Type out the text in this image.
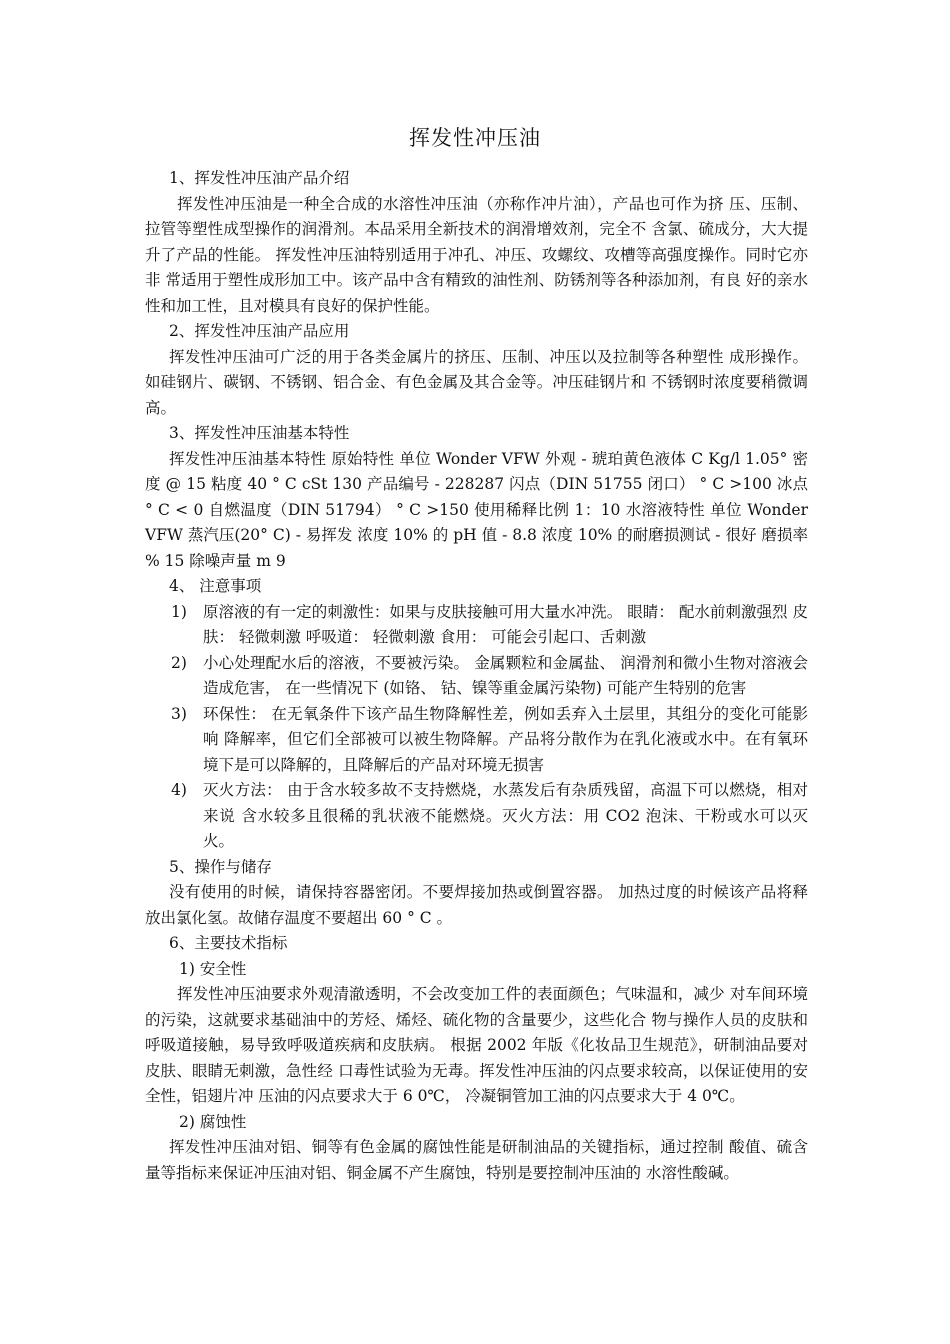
挥发性冲压油

1、挥发性冲压油产品介绍

挥发性冲压油是一种全合成的水溶性冲压油（亦称作冲片油），产品也可作为挤 压、压制、拉管等塑性成型操作的润滑剂。本品采用全新技术的润滑增效剂，完全不 含氯、硫成分，大大提升了产品的性能。 挥发性冲压油特别适用于冲孔、冲压、攻螺纹、攻槽等高强度操作。同时它亦非 常适用于塑性成形加工中。该产品中含有精致的油性剂、防锈剂等各种添加剂，有良 好的亲水性和加工性，且对模具有良好的保护性能。

2、挥发性冲压油产品应用

挥发性冲压油可广泛的用于各类金属片的挤压、压制、冲压以及拉制等各种塑性 成形操作。如硅钢片、碳钢、不锈钢、铝合金、有色金属及其合金等。冲压硅钢片和 不锈钢时浓度要稍微调高。

3、挥发性冲压油基本特性

挥发性冲压油基本特性 原始特性 单位 Wonder VFW 外观 - 琥珀黄色液体 C Kg/l 1.05° 密度 @ 15 粘度 40 ° C cSt 130 产品编号 - 228287 闪点（DIN 51755 闭口） ° C >100 冰点 ° C < 0 自燃温度（DIN 51794） ° C >150 使用稀释比例 1：10 水溶液特性 单位 Wonder VFW 蒸汽压(20° C) - 易挥发 浓度 10% 的 pH 值 - 8.8 浓度 10% 的耐磨损测试 - 很好 磨损率 % 15 除噪声量 m 9

4、 注意事项

1)	原溶液的有一定的刺激性：如果与皮肤接触可用大量水冲洗。 眼睛： 配水前刺激强烈 皮肤： 轻微刺激 呼吸道： 轻微刺激 食用： 可能会引起口、舌刺激
2)	小心处理配水后的溶液，不要被污染。 金属颗粒和金属盐、 润滑剂和微小生物对溶液会造成危害， 在一些情况下 (如铬、 钴、镍等重金属污染物) 可能产生特别的危害
3)	环保性： 在无氧条件下该产品生物降解性差，例如丢弃入土层里，其组分的变化可能影响 降解率，但它们全部被可以被生物降解。产品将分散作为在乳化液或水中。在有氧环 境下是可以降解的，且降解后的产品对环境无损害
4)	灭火方法： 由于含水较多故不支持燃烧，水蒸发后有杂质残留，高温下可以燃烧，相对来说 含水较多且很稀的乳状液不能燃烧。灭火方法：用 CO2 泡沫、干粉或水可以灭火。

5、操作与储存

没有使用的时候，请保持容器密闭。不要焊接加热或倒置容器。 加热过度的时候该产品将释放出氯化氢。故储存温度不要超出 60 ° C 。

6、主要技术指标

1) 安全性

挥发性冲压油要求外观清澈透明，不会改变加工件的表面颜色；气味温和，减少 对车间环境的污染，这就要求基础油中的芳烃、烯烃、硫化物的含量要少，这些化合 物与操作人员的皮肤和呼吸道接触，易导致呼吸道疾病和皮肤病。 根据 2002 年版《化妆品卫生规范》，研制油品要对皮肤、眼睛无刺激，急性经 口毒性试验为无毒。挥发性冲压油的闪点要求较高，以保证使用的安全性，铝翅片冲 压油的闪点要求大于 6 0℃， 冷凝铜管加工油的闪点要求大于 4 0℃。

2) 腐蚀性

挥发性冲压油对铝、铜等有色金属的腐蚀性能是研制油品的关键指标，通过控制 酸值、硫含量等指标来保证冲压油对铝、铜金属不产生腐蚀，特别是要控制冲压油的 水溶性酸碱。
